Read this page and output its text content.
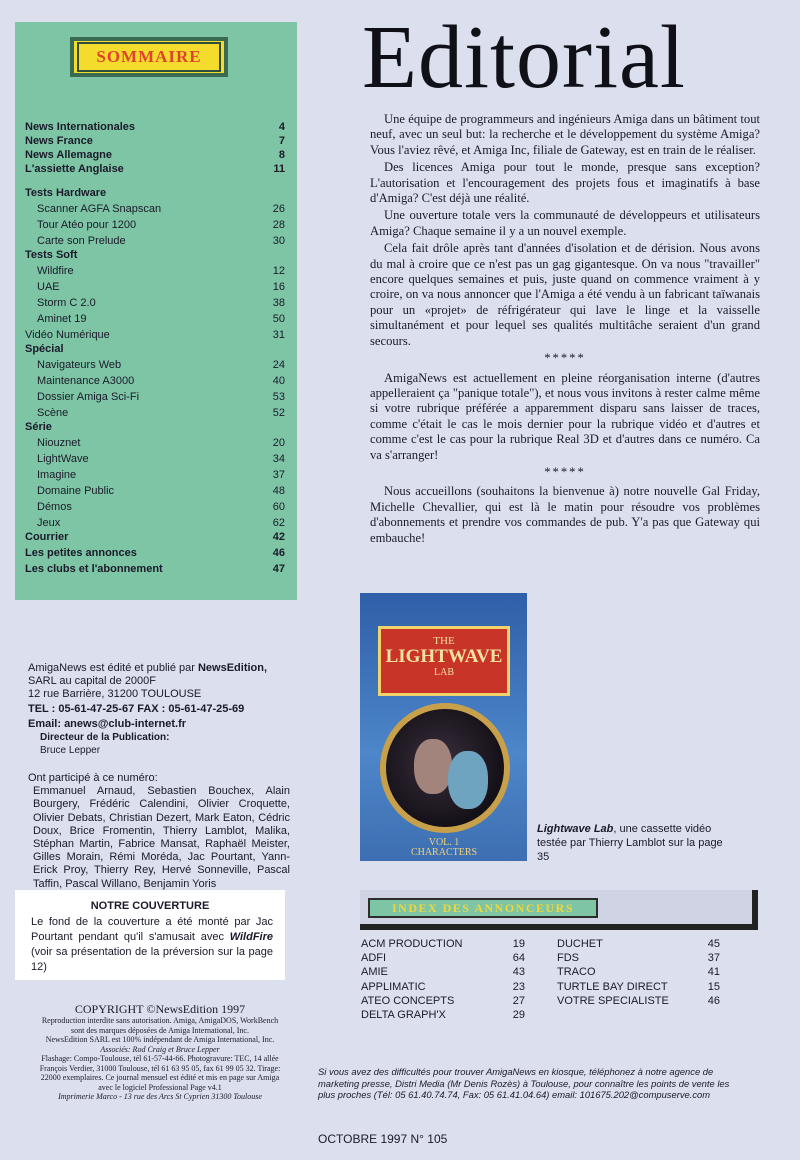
SOMMAIRE
News Internationales	4
News France	7
News Allemagne	8
L'assiette Anglaise	11
Tests Hardware
Scanner AGFA Snapscan	26
Tour Atéo pour 1200	28
Carte son Prelude	30
Tests Soft
Wildfire	12
UAE	16
Storm C 2.0	38
Aminet 19	50
Vidéo Numérique	31
Spécial
Navigateurs Web	24
Maintenance A3000	40
Dossier Amiga Sci-Fi	53
Scène	52
Série
Niouznet	20
LightWave	34
Imagine	37
Domaine Public	48
Démos	60
Jeux	62
Courrier	42
Les petites annonces	46
Les clubs et l'abonnement	47
Editorial

Une équipe de programmeurs and ingénieurs Amiga dans un bâtiment tout neuf, avec un seul but: la recherche et le développement du système Amiga? Vous l'aviez rêvé, et Amiga Inc, filiale de Gateway, est en train de le réaliser.

Des licences Amiga pour tout le monde, presque sans exception? L'autorisation et l'encouragement des projets fous et imaginatifs à base d'Amiga? C'est déjà une réalité.

Une ouverture totale vers la communauté de développeurs et utilisateurs Amiga? Chaque semaine il y a un nouvel exemple.

Cela fait drôle après tant d'années d'isolation et de dérision. Nous avons du mal à croire que ce n'est pas un gag gigantesque. On va nous "travailler" encore quelques semaines et puis, juste quand on commence vraiment à y croire, on va nous annoncer que l'Amiga a été vendu à un fabricant taïwanais pour un «projet» de réfrigérateur qui lave le linge et la vaisselle simultanément et pour lequel ses qualités multitâche seraient d'un grand secours.

*****

AmigaNews est actuellement en pleine réorganisation interne (d'autres appelleraient ça "panique totale"), et nous vous invitons à rester calme même si votre rubrique préférée a apparemment disparu sans laisser de traces, comme c'était le cas le mois dernier pour la rubrique vidéo et d'autres et comme c'est le cas pour la rubrique Real 3D et d'autres dans ce numéro. Ca va s'arranger!

*****

Nous accueillons (souhaitons la bienvenue à) notre nouvelle Gal Friday, Michelle Chevallier, qui est là le matin pour résoudre vos problèmes d'abonnements et prendre vos commandes de pub. Y'a pas que Gateway qui embauche!

THE
LIGHTWAVE
LAB
VOL. 1
CHARACTERS
Lightwave Lab, une cassette vidéo testée par Thierry Lamblot sur la page 35
AmigaNews est édité et publié par NewsEdition,
SARL au capital de 2000F
12 rue Barrière, 31200 TOULOUSE
TEL : 05-61-47-25-67 FAX : 05-61-47-25-69
Email: anews@club-internet.fr
Directeur de la Publication:
Bruce Lepper
Ont participé à ce numéro:
Emmanuel Arnaud, Sebastien Bouchex, Alain Bourgery, Frédéric Calendini, Olivier Croquette, Olivier Debats, Christian Dezert, Mark Eaton, Cédric Doux, Brice Fromentin, Thierry Lamblot, Malika, Stéphan Martin, Fabrice Mansat, Raphaël Meister, Gilles Morain, Rémi Moréda, Jac Pourtant, Yann-Erick Proy, Thierry Rey, Hervé Sonneville, Pascal Taffin, Pascal Willano, Benjamin Yoris
NOTRE COUVERTURE
Le fond de la couverture a été monté par Jac Pourtant pendant qu'il s'amusait avec WildFire (voir sa présentation de la préversion sur la page 12)
COPYRIGHT ©NewsEdition 1997
Reproduction interdite sans autorisation. Amiga, AmigaDOS, WorkBench
sont des marques déposées de Amiga International, Inc.
NewsEdition SARL est 100% indépendant de Amiga International, Inc.
Associés: Rod Craig et Bruce Lepper
Flashage: Compo-Toulouse, tél 61-57-44-66. Photogravure: TEC, 14 allée
François Verdier, 31000 Toulouse, tél 61 63 95 05, fax 61 99 05 32. Tirage:
22000 exemplaires. Ce journal mensuel est édité et mis en page sur Amiga
avec le logiciel Professional Page v4.1
Imprimerie Marco - 13 rue des Arcs St Cyprien 31300 Toulouse
INDEX DES ANNONCEURS
ACM PRODUCTION	19
ADFI	64
AMIE	43
APPLIMATIC	23
ATEO CONCEPTS	27
DELTA GRAPH'X	29
DUCHET	45
FDS	37
TRACO	41
TURTLE BAY DIRECT	15
VOTRE SPECIALISTE	46
Si vous avez des difficultés pour trouver AmigaNews en kiosque, téléphonez à notre agence de marketing presse, Distri Media (Mr Denis Rozès) à Toulouse, pour connaître les points de vente les plus proches (Tél: 05 61.40.74.74, Fax: 05 61.41.04.64) email: 101675.202@compuserve.com
OCTOBRE 1997 N° 105
